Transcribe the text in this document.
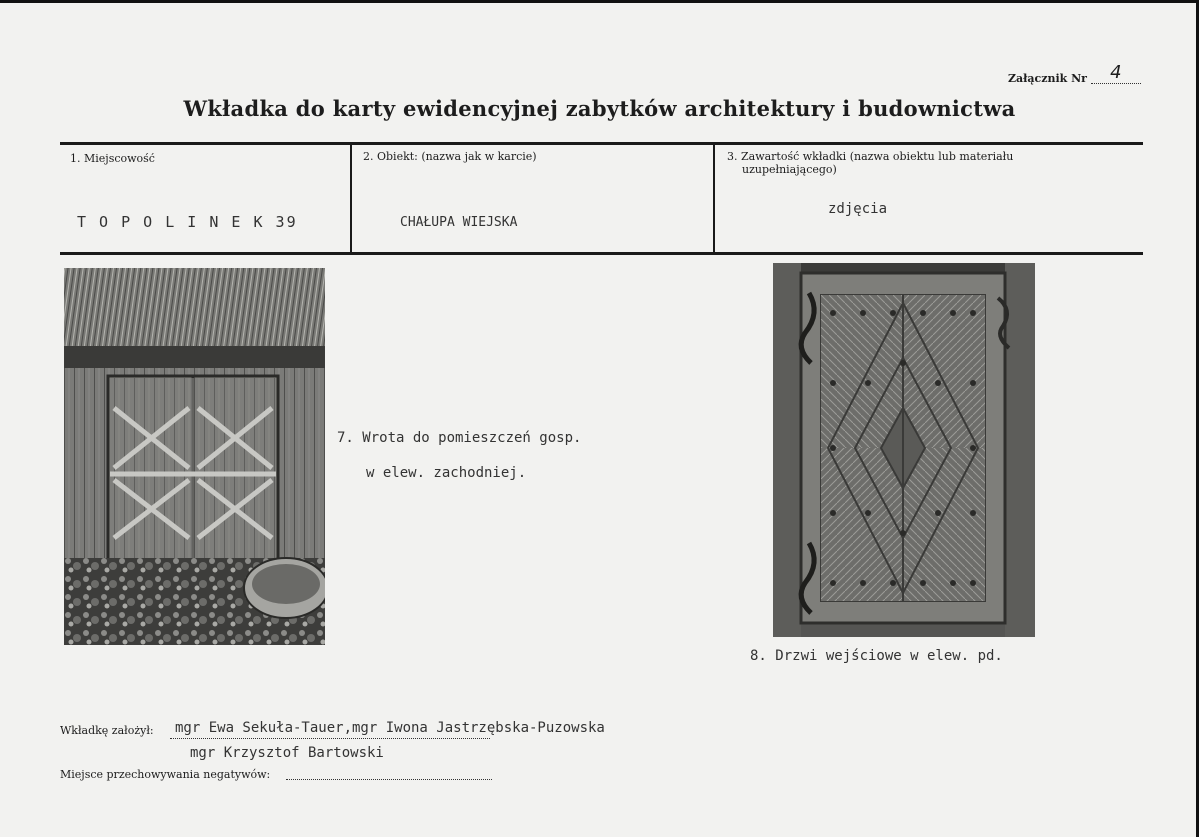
Załącznik Nr 4
Wkładka do karty ewidencyjnej zabytków architektury i budownictwa
1. Miejscowość
T O P O L I N E K 39
2. Obiekt: (nazwa jak w karcie)
CHAŁUPA WIEJSKA
3. Zawartość wkładki (nazwa obiektu lub materiału
uzupełniającego)
zdjęcia
7. Wrota do pomieszczeń gosp.
w elew. zachodniej.
8. Drzwi wejściowe w elew. pd.
Wkładkę założył: mgr Ewa Sekuła-Tauer,mgr Iwona Jastrzębska-Puzowska
mgr Krzysztof Bartowski
Miejsce przechowywania negatywów:
